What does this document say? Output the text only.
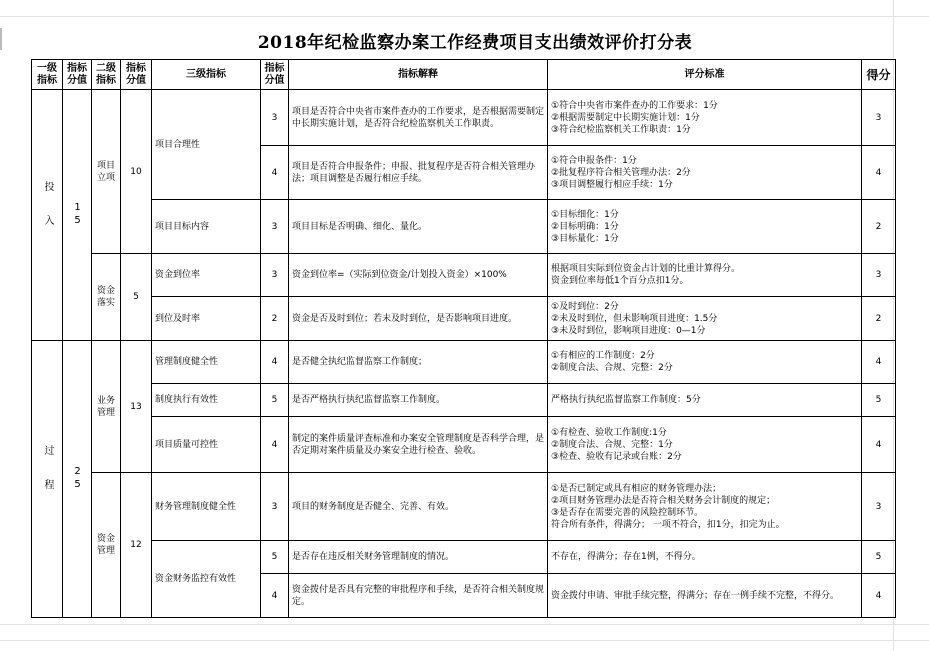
2018年纪检监察办案工作经费项目支出绩效评价打分表
一级指标	指标分值	二级指标	指标分值	三级指标	指标分值	指标解释	评分标准	得分

投入	15	项目立项	10	项目合理性	3	项目是否符合中央省市案件查办的工作要求，是否根据需要制定中长期实施计划，是否符合纪检监察机关工作职责。	①符合中央省市案件查办的工作要求：1分
②根据需要制定中长期实施计划：1分
③符合纪检监察机关工作职责：1分	3
					4	项目是否符合申报条件；申报、批复程序是否符合相关管理办法；项目调整是否履行相应手续。	①符合申报条件：1分
②批复程序符合相关管理办法：2分
③项目调整履行相应手续：1分	4
				项目目标内容	3	项目目标是否明确、细化、量化。	①目标细化：1分
②目标明确：1分
③目标量化：1分	2
		资金落实	5	资金到位率	3	资金到位率=（实际到位资金/计划投入资金）×100%	根据项目实际到位资金占计划的比重计算得分。
资金到位率每低1个百分点扣1分。	3
				到位及时率	2	资金是否及时到位；若未及时到位，是否影响项目进度。	①及时到位：2分
②未及时到位，但未影响项目进度：1.5分
③未及时到位，影响项目进度：0—1分	2

过程	25	业务管理	13	管理制度健全性	4	是否健全执纪监督监察工作制度；	①有相应的工作制度：2分
②制度合法、合规、完整：2分	4
				制度执行有效性	5	是否严格执行执纪监督监察工作制度。	严格执行执纪监督监察工作制度：5分	5
				项目质量可控性	4	制定的案件质量评查标准和办案安全管理制度是否科学合理，是否定期对案件质量及办案安全进行检查、验收。	①有检查、验收工作制度:1分
②制度合法、合规、完整：1分
③检查、验收有记录或台账：2分	4
		资金管理	12	财务管理制度健全性	3	项目的财务制度是否健全、完善、有效。	①是否已制定或具有相应的财务管理办法；
②项目财务管理办法是否符合相关财务会计制度的规定；
③是否存在需要完善的风险控制环节。
符合所有条件，得满分； 一项不符合，扣1分，扣完为止。	3
				资金财务监控有效性	5	是否存在违反相关财务管理制度的情况。	不存在，得满分；存在1例，不得分。	5
					4	资金拨付是否具有完整的审批程序和手续，是否符合相关制度规定。	资金拨付申请、审批手续完整，得满分；存在一例手续不完整，不得分。	4
